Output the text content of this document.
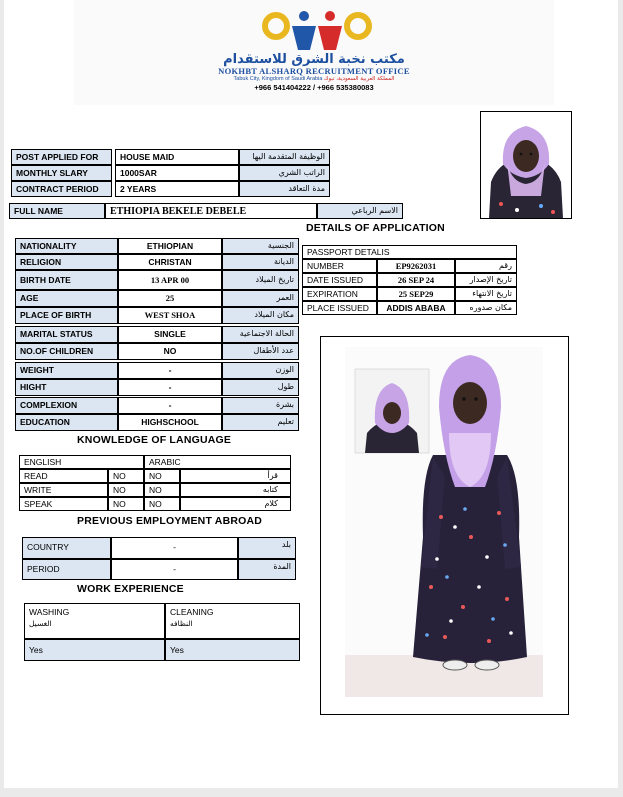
مكتب نخبة الشرق للاستقدام
NOKHBT ALSHARQ RECRUITMENT OFFICE
Tabuk City, Kingdom of Saudi Arabia المملكة العربية السعودية، تبوك
+966 541404222 / +966 535380083
POST APPLIED FOR	HOUSE MAID	الوظيفة المتقدمة اليها
MONTHLY SLARY	1000SAR	الراتب الشري
CONTRACT PERIOD	2 YEARS	مدة التعاقد
FULL NAME	ETHIOPIA BEKELE DEBELE	الاسم الرباعي
DETAILS OF APPLICATION
NATIONALITY	ETHIOPIAN	الجنسية
RELIGION	CHRISTAN	الديانة
BIRTH DATE	13 APR 00	تاريخ الميلاد
AGE	25	العمر
PLACE OF BIRTH	WEST SHOA	مكان الميلاد
MARITAL STATUS	SINGLE	الحالة الاجتماعية
NO.OF CHILDREN	NO	عدد الأطفال
WEIGHT	-	الوزن
HIGHT	-	طول
COMPLEXION	-	بشرة
EDUCATION	HIGHSCHOOL	تعليم
PASSPORT DETALIS
NUMBER	EP9262031	رقم
DATE ISSUED	26 SEP 24	تاريخ الإصدار
EXPIRATION	25 SEP29	تاريخ الانتهاء
PLACE ISSUED	ADDIS ABABA	مكان صدوره
KNOWLEDGE OF LANGUAGE
ENGLISH	ARABIC
READ	NO	NO	قرأ
WRITE	NO	NO	كتابه
SPEAK	NO	NO	كلام
PREVIOUS EMPLOYMENT ABROAD
COUNTRY	-	بلد
PERIOD	-	المدة
WORK EXPERIENCE
WASHING
الغسيل
CLEANING
النظافه
Yes	Yes
